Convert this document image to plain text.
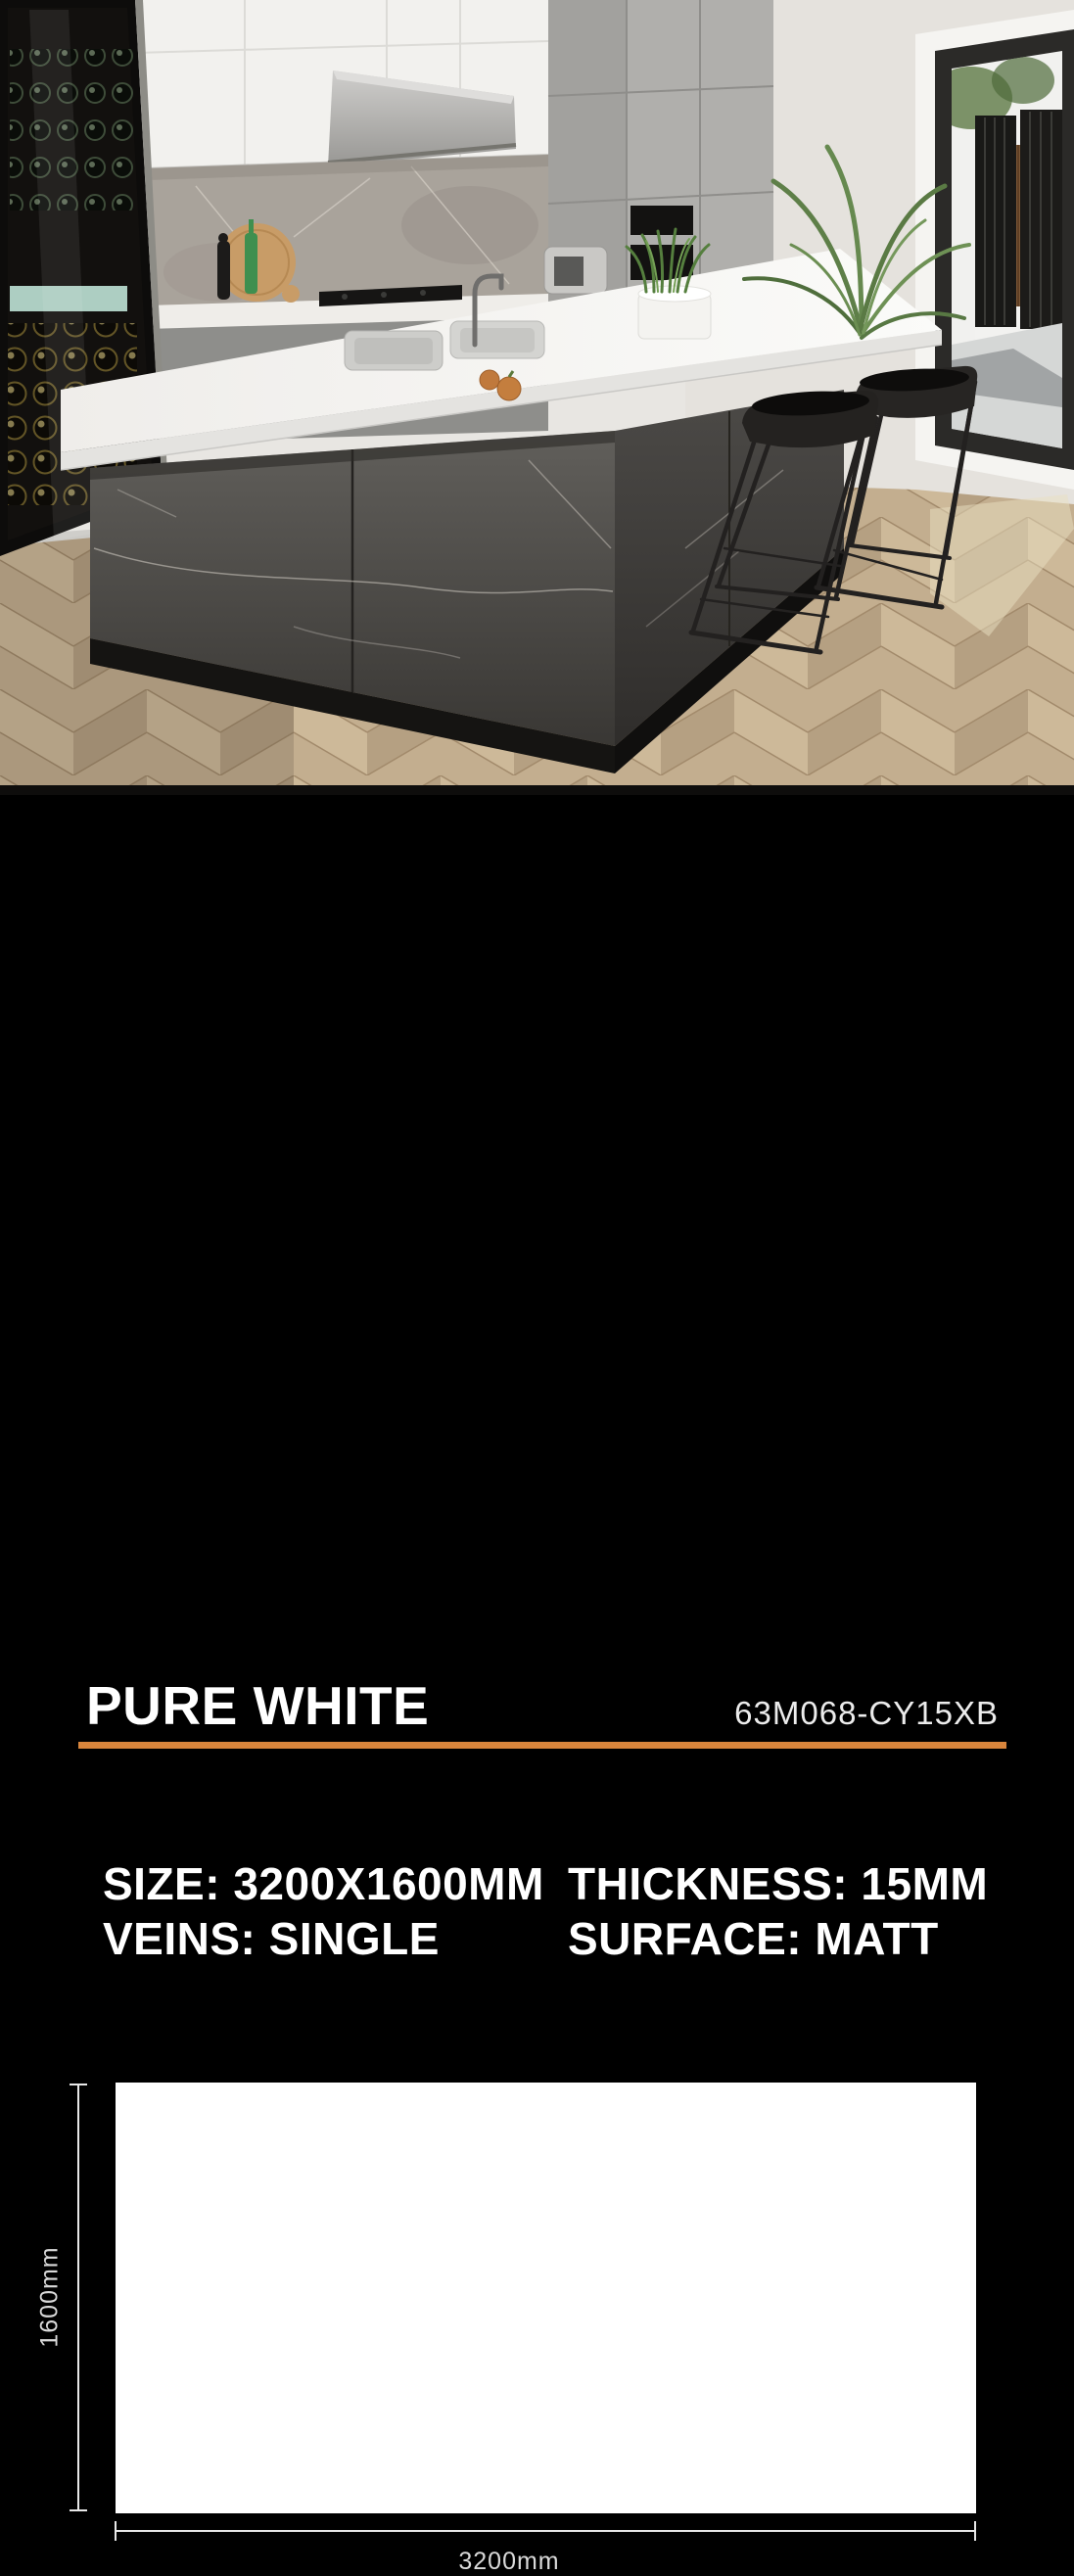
PURE WHITE	63M068-CY15XB
SIZE: 3200X1600MM THICKNESS: 15MM
VEINS: SINGLE	SURFACE: MATT
1600mm
3200mm
